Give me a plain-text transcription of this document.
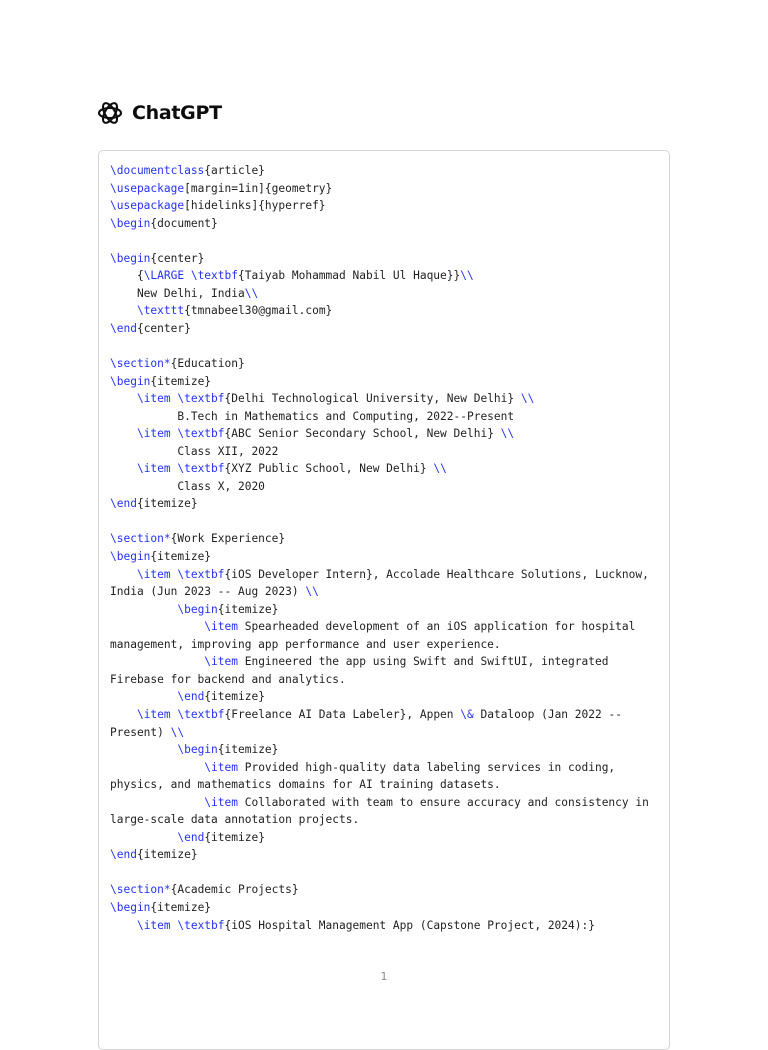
ChatGPT
\documentclass{article}
\usepackage[margin=1in]{geometry}
\usepackage[hidelinks]{hyperref}
\begin{document}
\begin{center}
{\LARGE \textbf{Taiyab Mohammad Nabil Ul Haque}}\\
New Delhi, India\\
\texttt{tmnabeel30@gmail.com}
\end{center}
\section*{Education}
\begin{itemize}
\item \textbf{Delhi Technological University, New Delhi} \\
B.Tech in Mathematics and Computing, 2022--Present
\item \textbf{ABC Senior Secondary School, New Delhi} \\
Class XII, 2022
\item \textbf{XYZ Public School, New Delhi} \\
Class X, 2020
\end{itemize}
\section*{Work Experience}
\begin{itemize}
\item \textbf{iOS Developer Intern}, Accolade Healthcare Solutions, Lucknow,
India (Jun 2023 -- Aug 2023) \\
\begin{itemize}
\item Spearheaded development of an iOS application for hospital
management, improving app performance and user experience.
\item Engineered the app using Swift and SwiftUI, integrated
Firebase for backend and analytics.
\end{itemize}
\item \textbf{Freelance AI Data Labeler}, Appen \& Dataloop (Jan 2022 --
Present) \\
\begin{itemize}
\item Provided high-quality data labeling services in coding,
physics, and mathematics domains for AI training datasets.
\item Collaborated with team to ensure accuracy and consistency in
large-scale data annotation projects.
\end{itemize}
\end{itemize}
\section*{Academic Projects}
\begin{itemize}
\item \textbf{iOS Hospital Management App (Capstone Project, 2024):}
1
